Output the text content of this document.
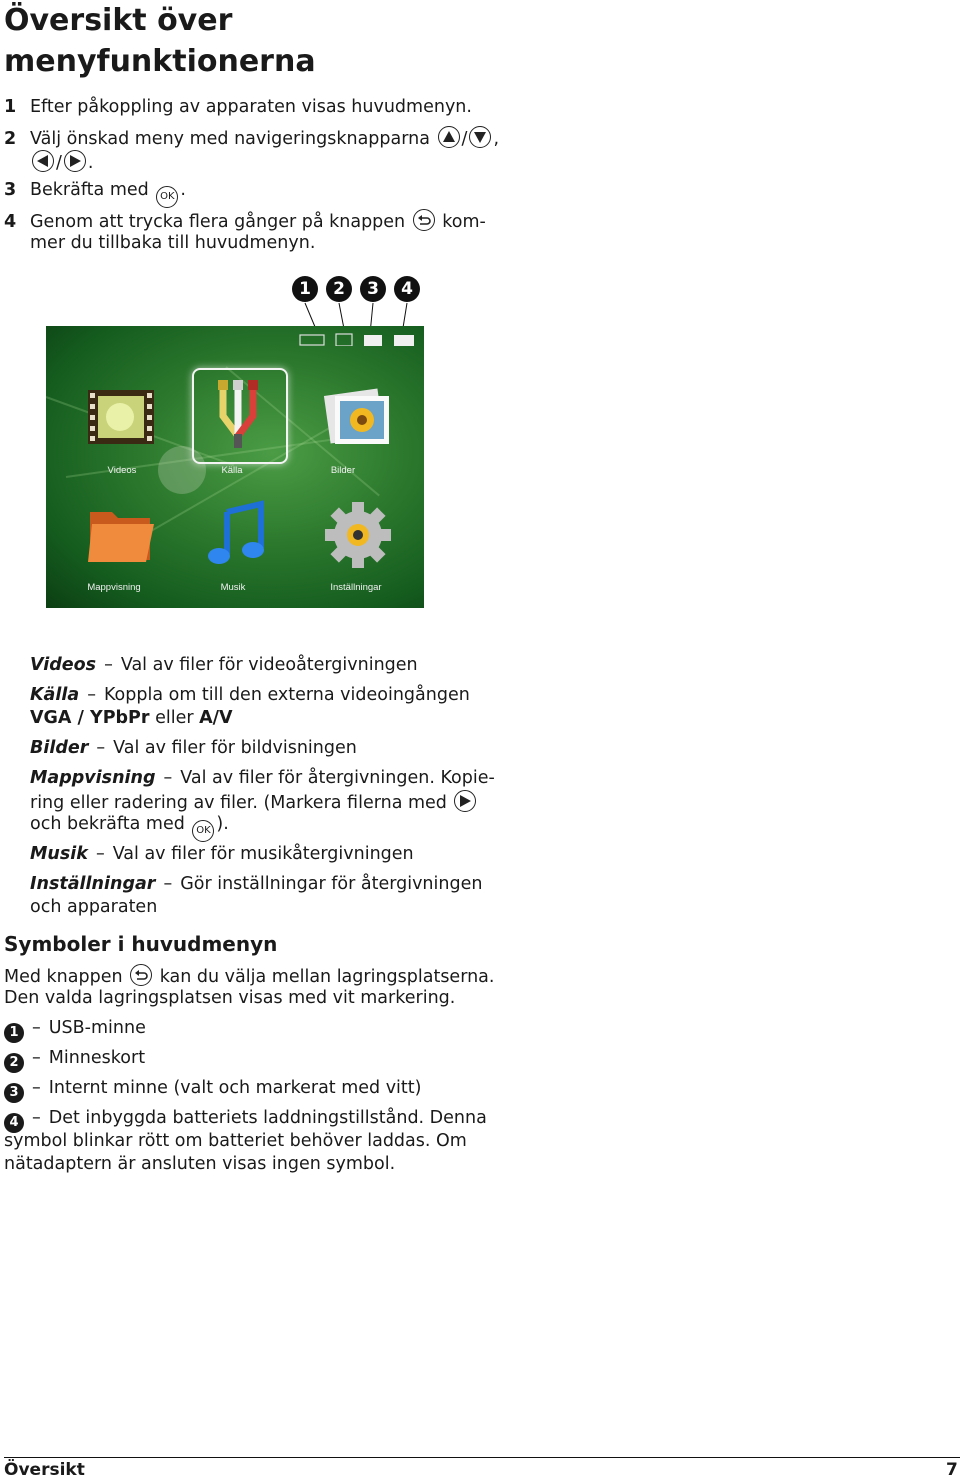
Översikt över
menyfunktionerna
1 Efter påkoppling av apparaten visas huvudmenyn.
2 Välj önskad meny med navigeringsknapparna / ,
/ .
3 Bekräfta med OK .
4 Genom att trycka flera gånger på knappen kom-
mer du tillbaka till huvudmenyn.
1	2	3	4
Videos	Källa	Bilder
Mappvisning	Musik	Inställningar
Videos – Val av filer för videoåtergivningen
Källa – Koppla om till den externa videoingången
VGA / YPbPr eller A/V
Bilder – Val av filer för bildvisningen
Mappvisning – Val av filer för återgivningen. Kopie-
ring eller radering av filer. (Markera filerna med
och bekräfta med OK ).
Musik – Val av filer för musikåtergivningen
Inställningar – Gör inställningar för återgivningen
och apparaten
Symboler i huvudmenyn
Med knappen kan du välja mellan lagringsplatserna.
Den valda lagringsplatsen visas med vit markering.
1 – USB-minne
2 – Minneskort
3 – Internt minne (valt och markerat med vitt)
4 – Det inbyggda batteriets laddningstillstånd. Denna
symbol blinkar rött om batteriet behöver laddas. Om
nätadaptern är ansluten visas ingen symbol.
Översikt	7
